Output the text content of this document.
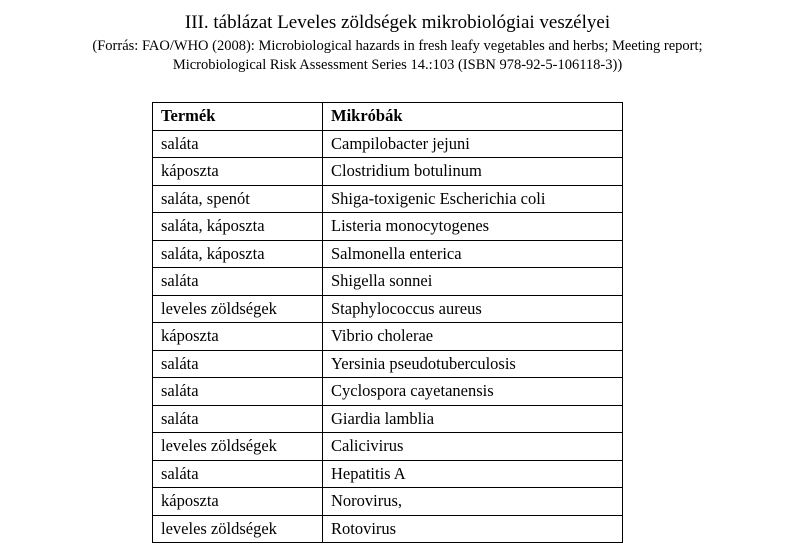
III. táblázat Leveles zöldségek mikrobiológiai veszélyei
(Forrás: FAO/WHO (2008): Microbiological hazards in fresh leafy vegetables and herbs; Meeting report;
Microbiological Risk Assessment Series 14.:103 (ISBN 978-92-5-106118-3))
Termék	Mikróbák
saláta	Campilobacter jejuni
káposzta	Clostridium botulinum
saláta, spenót	Shiga-toxigenic Escherichia coli
saláta, káposzta	Listeria monocytogenes
saláta, káposzta	Salmonella enterica
saláta	Shigella sonnei
leveles zöldségek	Staphylococcus aureus
káposzta	Vibrio cholerae
saláta	Yersinia pseudotuberculosis
saláta	Cyclospora cayetanensis
saláta	Giardia lamblia
leveles zöldségek	Calicivirus
saláta	Hepatitis A
káposzta	Norovirus,
leveles zöldségek	Rotovirus
